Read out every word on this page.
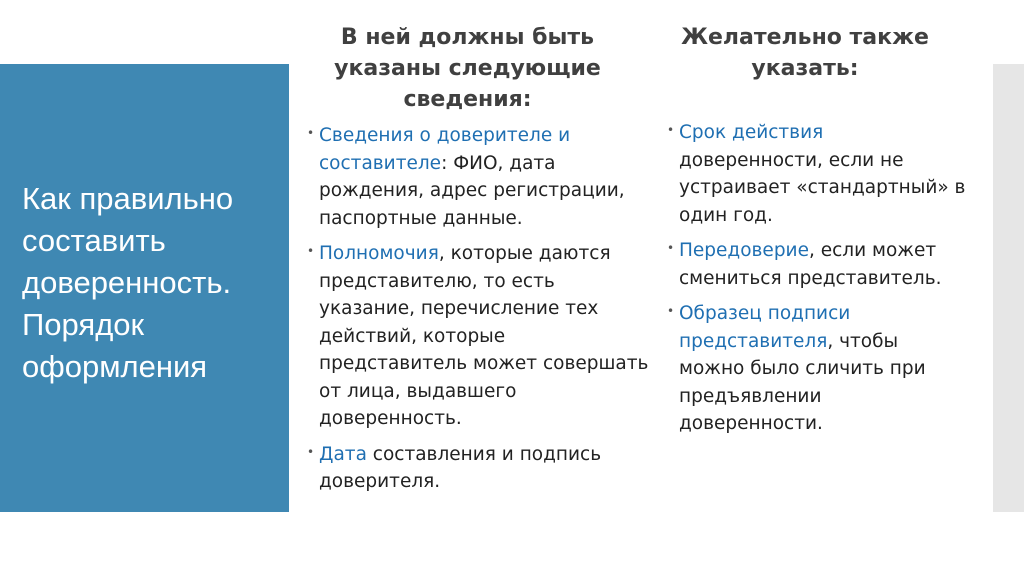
Как правильно составить доверенность. Порядок оформления
В ней должны быть указаны следующие сведения:
Желательно также указать:
• Сведения о доверителе и составителе: ФИО, дата рождения, адрес регистрации, паспортные данные.
• Полномочия, которые даются представителю, то есть указание, перечисление тех действий, которые представитель может совершать от лица, выдавшего доверенность.
• Дата составления и подпись доверителя.
• Срок действия доверенности, если не устраивает «стандартный» в один год.
• Передоверие, если может смениться представитель.
• Образец подписи представителя, чтобы можно было сличить при предъявлении доверенности.
